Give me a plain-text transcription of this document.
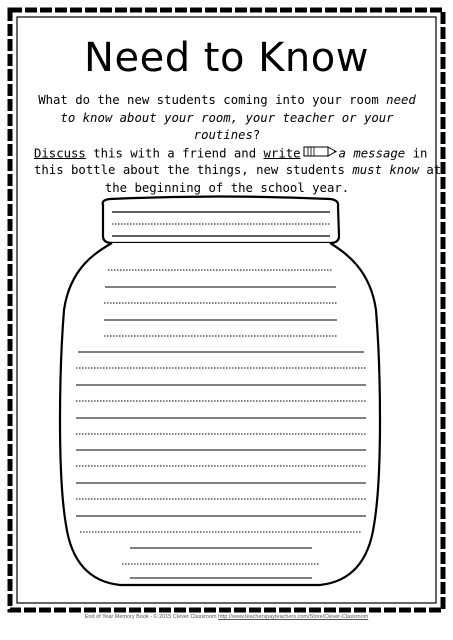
Need to Know
What do the new students coming into your room need
to know about your room, your teacher or your
routines?
Discuss this with a friend and write	a message in
this bottle about the things, new students must know at
the beginning of the school year.
End of Year Memory Book - © 2015 Clever Classroom http://www.teacherspayteachers.com/Store/Clever-Classroom
